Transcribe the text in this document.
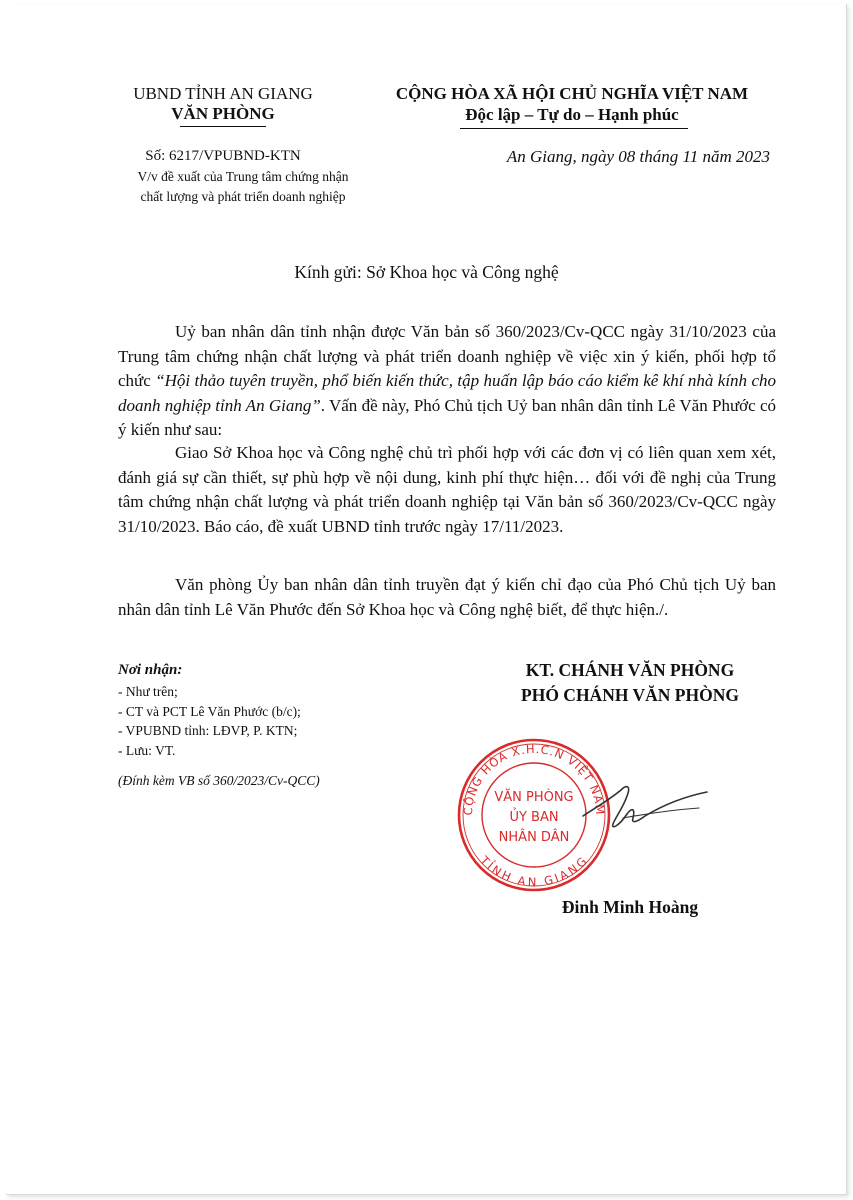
UBND TỈNH AN GIANG
VĂN PHÒNG
CỘNG HÒA XÃ HỘI CHỦ NGHĨA VIỆT NAM
Độc lập – Tự do – Hạnh phúc
Số: 6217/VPUBND-KTN
V/v đề xuất của Trung tâm chứng nhận
chất lượng và phát triển doanh nghiệp
An Giang, ngày 08 tháng 11 năm 2023
Kính gửi: Sở Khoa học và Công nghệ
Uỷ ban nhân dân tỉnh nhận được Văn bản số 360/2023/Cv-QCC ngày 31/10/2023 của Trung tâm chứng nhận chất lượng và phát triển doanh nghiệp về việc xin ý kiến, phối hợp tổ chức “Hội thảo tuyên truyền, phổ biến kiến thức, tập huấn lập báo cáo kiểm kê khí nhà kính cho doanh nghiệp tỉnh An Giang”. Vấn đề này, Phó Chủ tịch Uỷ ban nhân dân tỉnh Lê Văn Phước có ý kiến như sau:
Giao Sở Khoa học và Công nghệ chủ trì phối hợp với các đơn vị có liên quan xem xét, đánh giá sự cần thiết, sự phù hợp về nội dung, kinh phí thực hiện… đối với đề nghị của Trung tâm chứng nhận chất lượng và phát triển doanh nghiệp tại Văn bản số 360/2023/Cv-QCC ngày 31/10/2023. Báo cáo, đề xuất UBND tỉnh trước ngày 17/11/2023.
Văn phòng Ủy ban nhân dân tỉnh truyền đạt ý kiến chỉ đạo của Phó Chủ tịch Uỷ ban nhân dân tỉnh Lê Văn Phước đến Sở Khoa học và Công nghệ biết, để thực hiện./.
Nơi nhận:
- Như trên;
- CT và PCT Lê Văn Phước (b/c);
- VPUBND tỉnh: LĐVP, P. KTN;
- Lưu: VT.
(Đính kèm VB số 360/2023/Cv-QCC)
KT. CHÁNH VĂN PHÒNG
PHÓ CHÁNH VĂN PHÒNG
CỘNG HÒA X.H.C.N VIỆT NAM
TỈNH AN GIANG
VĂN PHÒNG
ỦY BAN
NHÂN DÂN
Đinh Minh Hoàng
